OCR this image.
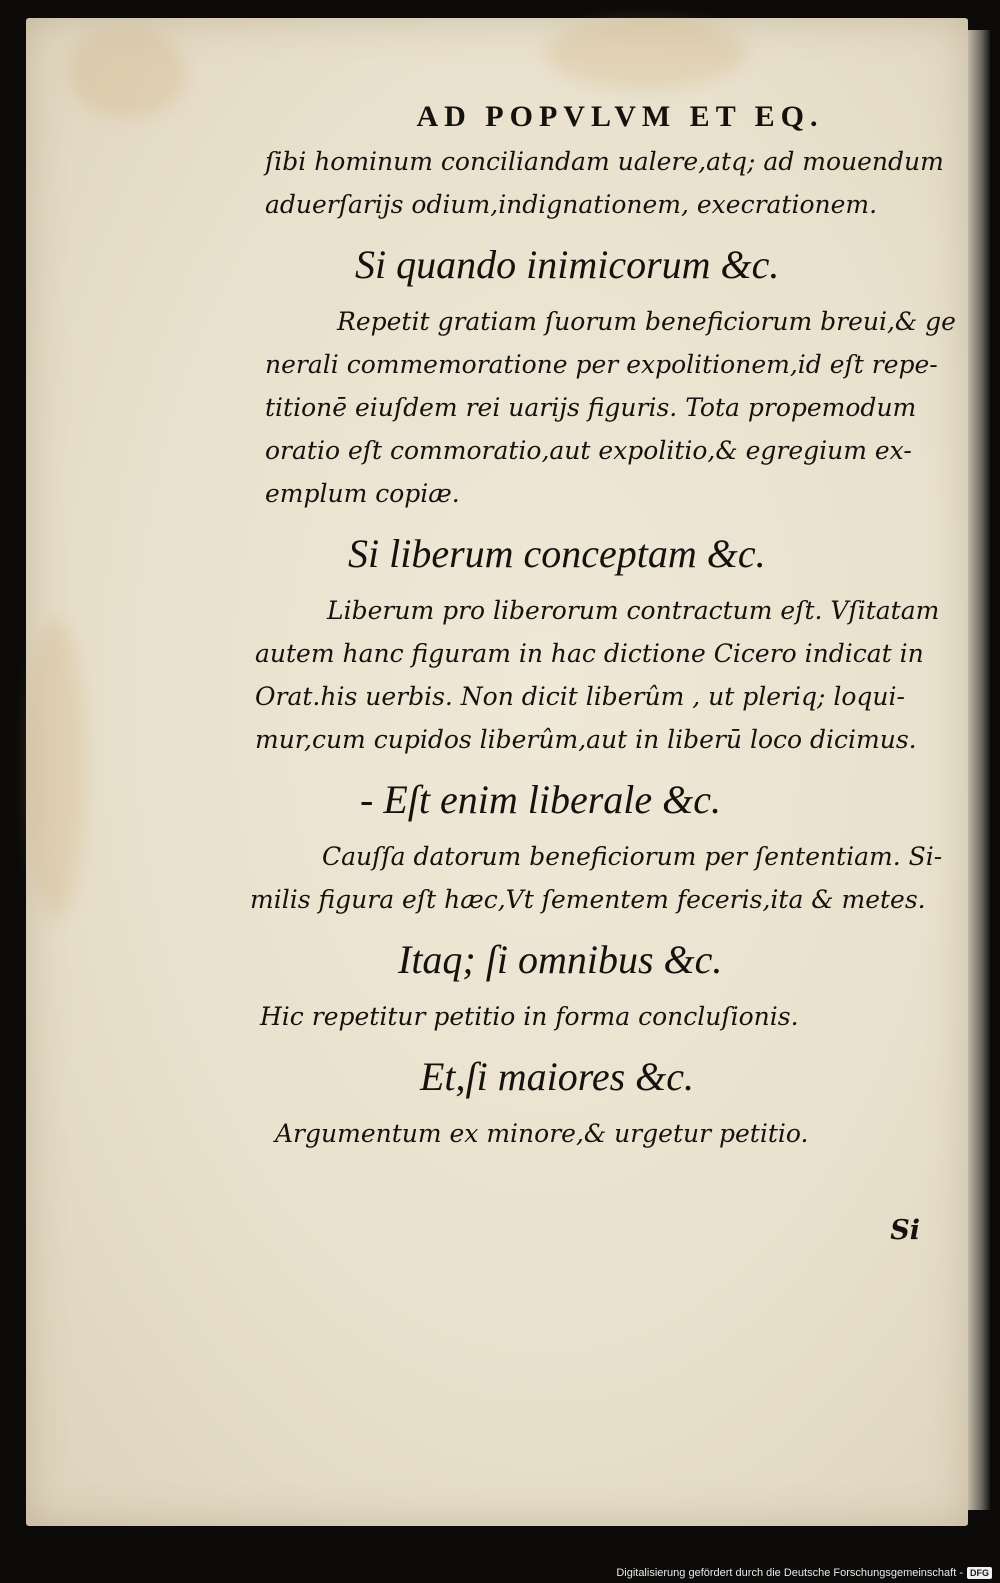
AD POPVLVM ET EQ.

ſibi hominum conciliandam ualere,atq; ad mouendum
aduerſarijs odium,indignationem, execrationem.

Si quando inimicorum &c.

Repetit gratiam ſuorum beneficiorum breui,& ge
nerali commemoratione per expolitionem,id eſt repe-
titionē eiuſdem rei uarijs figuris. Tota propemodum
oratio eſt commoratio,aut expolitio,& egregium ex-
emplum copiæ.

Si liberum conceptam &c.

Liberum pro liberorum contractum eſt. Vſitatam
autem hanc figuram in hac dictione Cicero indicat in
Orat.his uerbis. Non dicit liberûm , ut pleriq; loqui-
mur,cum cupidos liberûm,aut in liberū loco dicimus.

- Eſt enim liberale &c.

Cauſſa datorum beneficiorum per ſententiam. Si-
milis figura eſt hæc,Vt ſementem feceris,ita & metes.

Itaq; ſi omnibus &c.

Hic repetitur petitio in forma concluſionis.

Et,ſi maiores &c.

Argumentum ex minore,& urgetur petitio.

Si
Digitalisierung gefördert durch die Deutsche Forschungsgemeinschaft - DFG
